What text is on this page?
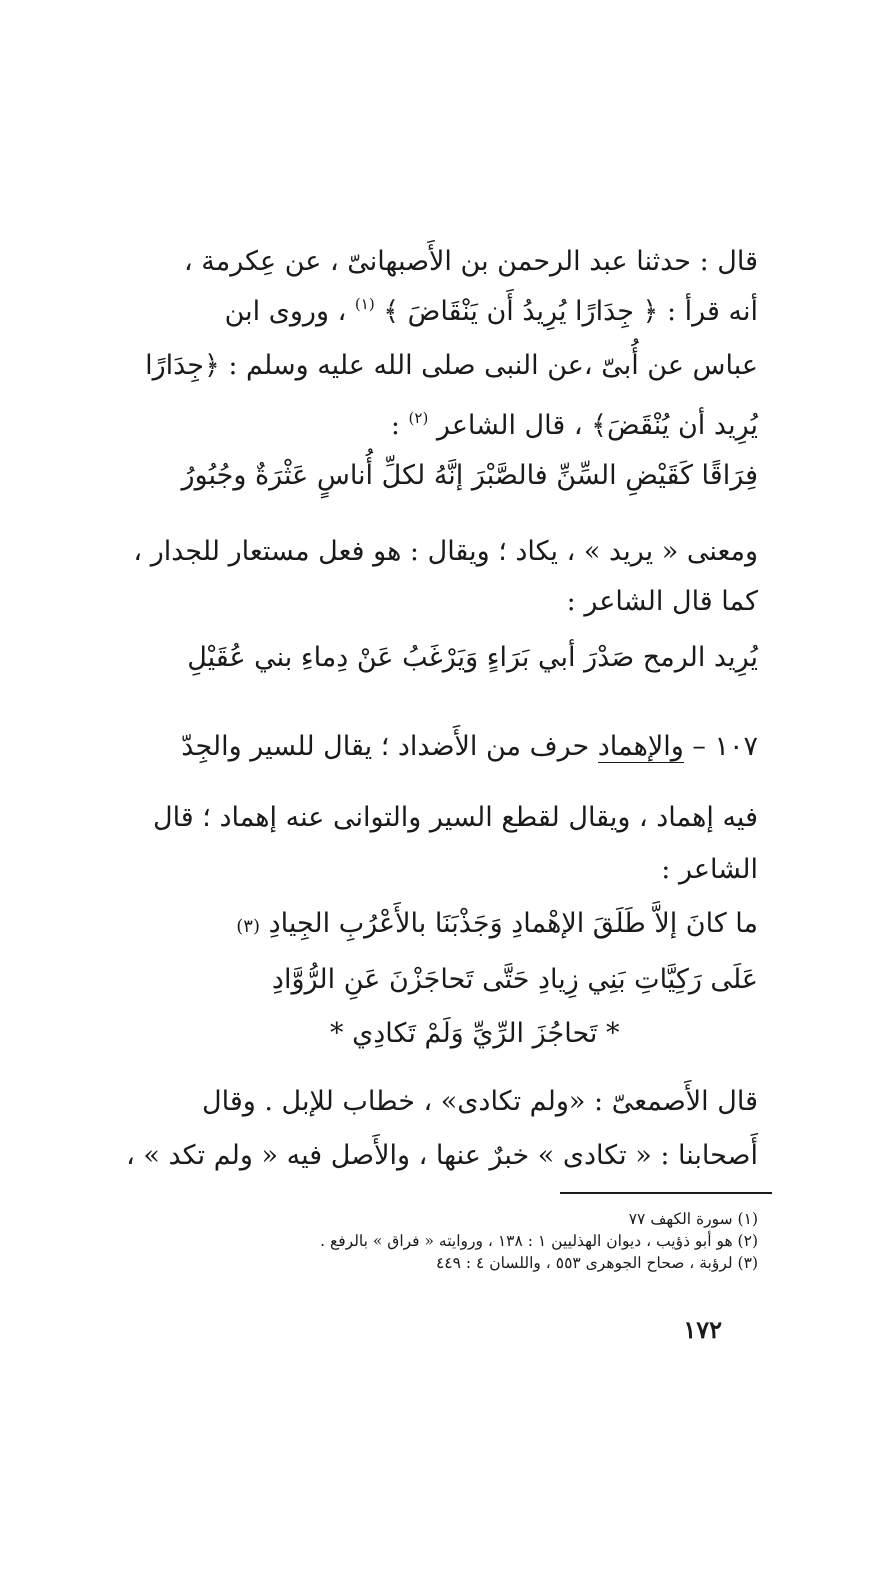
قال : حدثنا عبد الرحمن بن الأَصبهانىّ ، عن عِكرمة ،
أنه قرأ : ﴿ جِدَارًا يُرِيدُ أَن يَنْقَاضَ ﴾ $^{(١)}$ ، وروى ابن
عباس عن أُبىّ ،عن النبى صلى الله عليه وسلم : ﴿جِدَارًا
يُرِيد أن يُنْقَضَ﴾ ، قال الشاعر $^{(٢)}$ :
فِرَاقًا كَقَيْضِ السِّنِّ فالصَّبْرَ إنَّهُ لكلِّ أُناسٍ عَثْرَةٌ وجُبُورُ
ومعنى « يريد » ، يكاد ؛ ويقال : هو فعل مستعار للجدار ،
كما قال الشاعر :
يُرِيد الرمح صَدْرَ أبي بَرَاءٍ وَيَرْغَبُ عَنْ دِماءِ بني عُقَيْلِ
١٠٧ – والإهماد حرف من الأَضداد ؛ يقال للسير والجِدّ
فيه إهماد ، ويقال لقطع السير والتوانى عنه إهماد ؛ قال
الشاعر :
ما كانَ إلاَّ طَلَقَ الإهْمادِ وَجَذْبَنَا بالأَعْرُبِ الجِيادِ (٣)
عَلَى رَكِيَّاتِ بَنِي زِيادِ حَتَّى تَحاجَزْنَ عَنِ الرُّوَّادِ
* تَحاجُزَ الرِّيِّ وَلَمْ تَكادِي *
قال الأَصمعىّ : «ولم تكادى» ، خطاب للإبل . وقال
أَصحابنا : « تكادى » خبرٌ عنها ، والأَصل فيه « ولم تكد » ،
(١) سورة الكهف ٧٧
(٢) هو أبو ذؤيب ، ديوان الهذليين ١ : ١٣٨ ، وروايته « فراق » بالرفع .
(٣) لرؤبة ، صحاح الجوهرى ٥٥٣ ، واللسان ٤ : ٤٤٩
١٧٢
